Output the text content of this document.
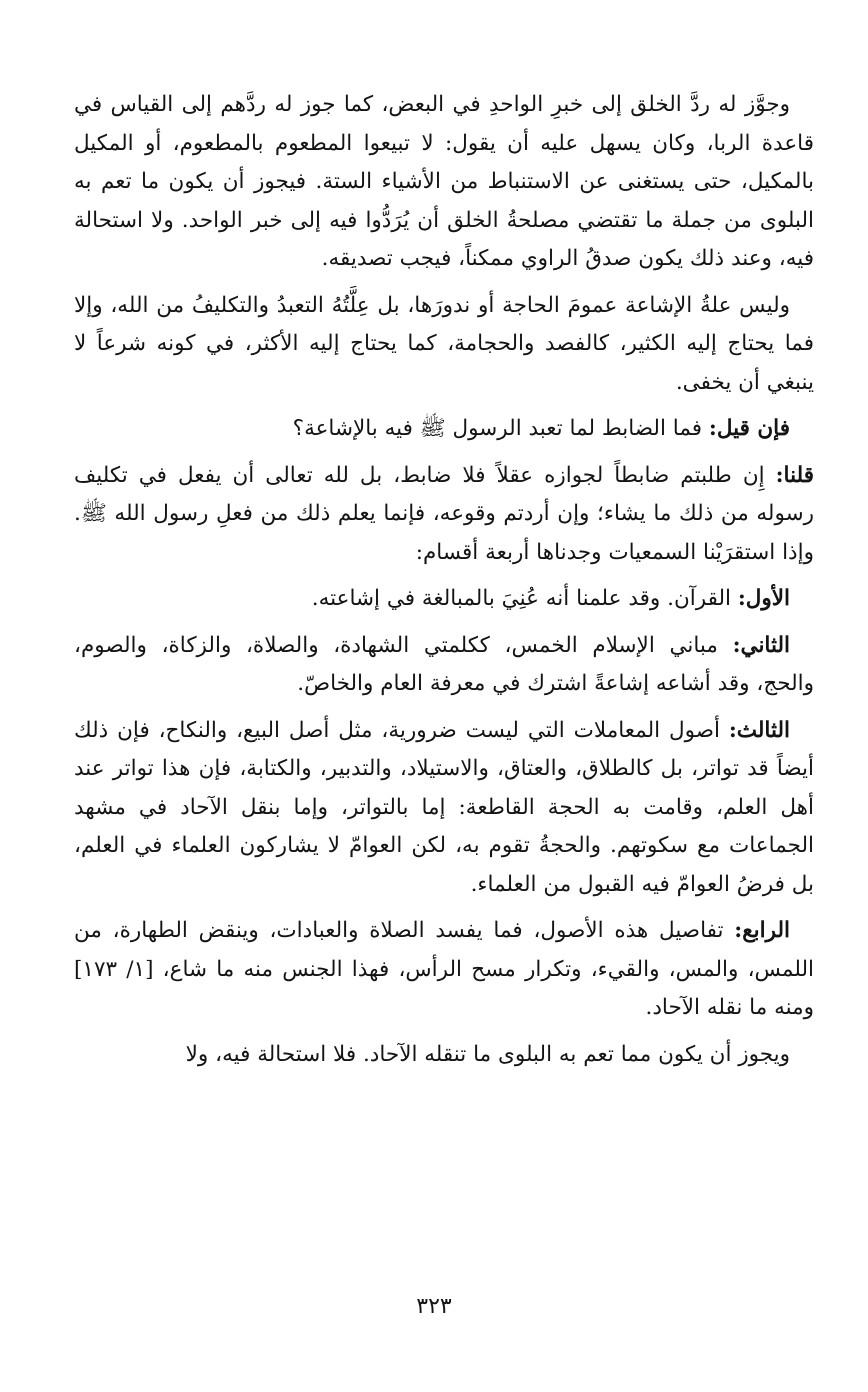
وجوَّز له ردَّ الخلق إلى خبرِ الواحدِ في البعض، كما جوز له ردَّهم إلى القياس في قاعدة الربا، وكان يسهل عليه أن يقول: لا تبيعوا المطعوم بالمطعوم، أو المكيل بالمكيل، حتى يستغنى عن الاستنباط من الأشياء الستة. فيجوز أن يكون ما تعم به البلوى من جملة ما تقتضي مصلحةُ الخلق أن يُرَدُّوا فيه إلى خبر الواحد. ولا استحالة فيه، وعند ذلك يكون صدقُ الراوي ممكناً، فيجب تصديقه.

وليس علةُ الإشاعة عمومَ الحاجة أو ندورَها، بل عِلَّتُهُ التعبدُ والتكليفُ من الله، وإلا فما يحتاج إليه الكثير، كالفصد والحجامة، كما يحتاج إليه الأكثر، في كونه شرعاً لا ينبغي أن يخفى.

فإن قيل: فما الضابط لما تعبد الرسول ﷺ فيه بالإشاعة؟

قلنا: إِن طلبتم ضابطاً لجوازه عقلاً فلا ضابط، بل لله تعالى أن يفعل في تكليف رسوله من ذلك ما يشاء؛ وإن أردتم وقوعه، فإنما يعلم ذلك من فعلِ رسول الله ﷺ. وإذا استقرَيْنا السمعيات وجدناها أربعة أقسام:

الأول: القرآن. وقد علمنا أنه عُنِيَ بالمبالغة في إشاعته.

الثاني: مباني الإسلام الخمس، ككلمتي الشهادة، والصلاة، والزكاة، والصوم، والحج، وقد أشاعه إشاعةً اشترك في معرفة العام والخاصّ.

الثالث: أصول المعاملات التي ليست ضرورية، مثل أصل البيع، والنكاح، فإن ذلك أيضاً قد تواتر، بل كالطلاق، والعتاق، والاستيلاد، والتدبير، والكتابة، فإن هذا تواتر عند أهل العلم، وقامت به الحجة القاطعة: إما بالتواتر، وإما بنقل الآحاد في مشهد الجماعات مع سكوتهم. والحجةُ تقوم به، لكن العوامّ لا يشاركون العلماء في العلم، بل فرضُ العوامّ فيه القبول من العلماء.

الرابع: تفاصيل هذه الأصول، فما يفسد الصلاة والعبادات، وينقض الطهارة، من اللمس، والمس، والقيء، وتكرار مسح الرأس، فهذا الجنس منه ما شاع، [١/ ١٧٣] ومنه ما نقله الآحاد.

ويجوز أن يكون مما تعم به البلوى ما تنقله الآحاد. فلا استحالة فيه، ولا

٣٢٣
